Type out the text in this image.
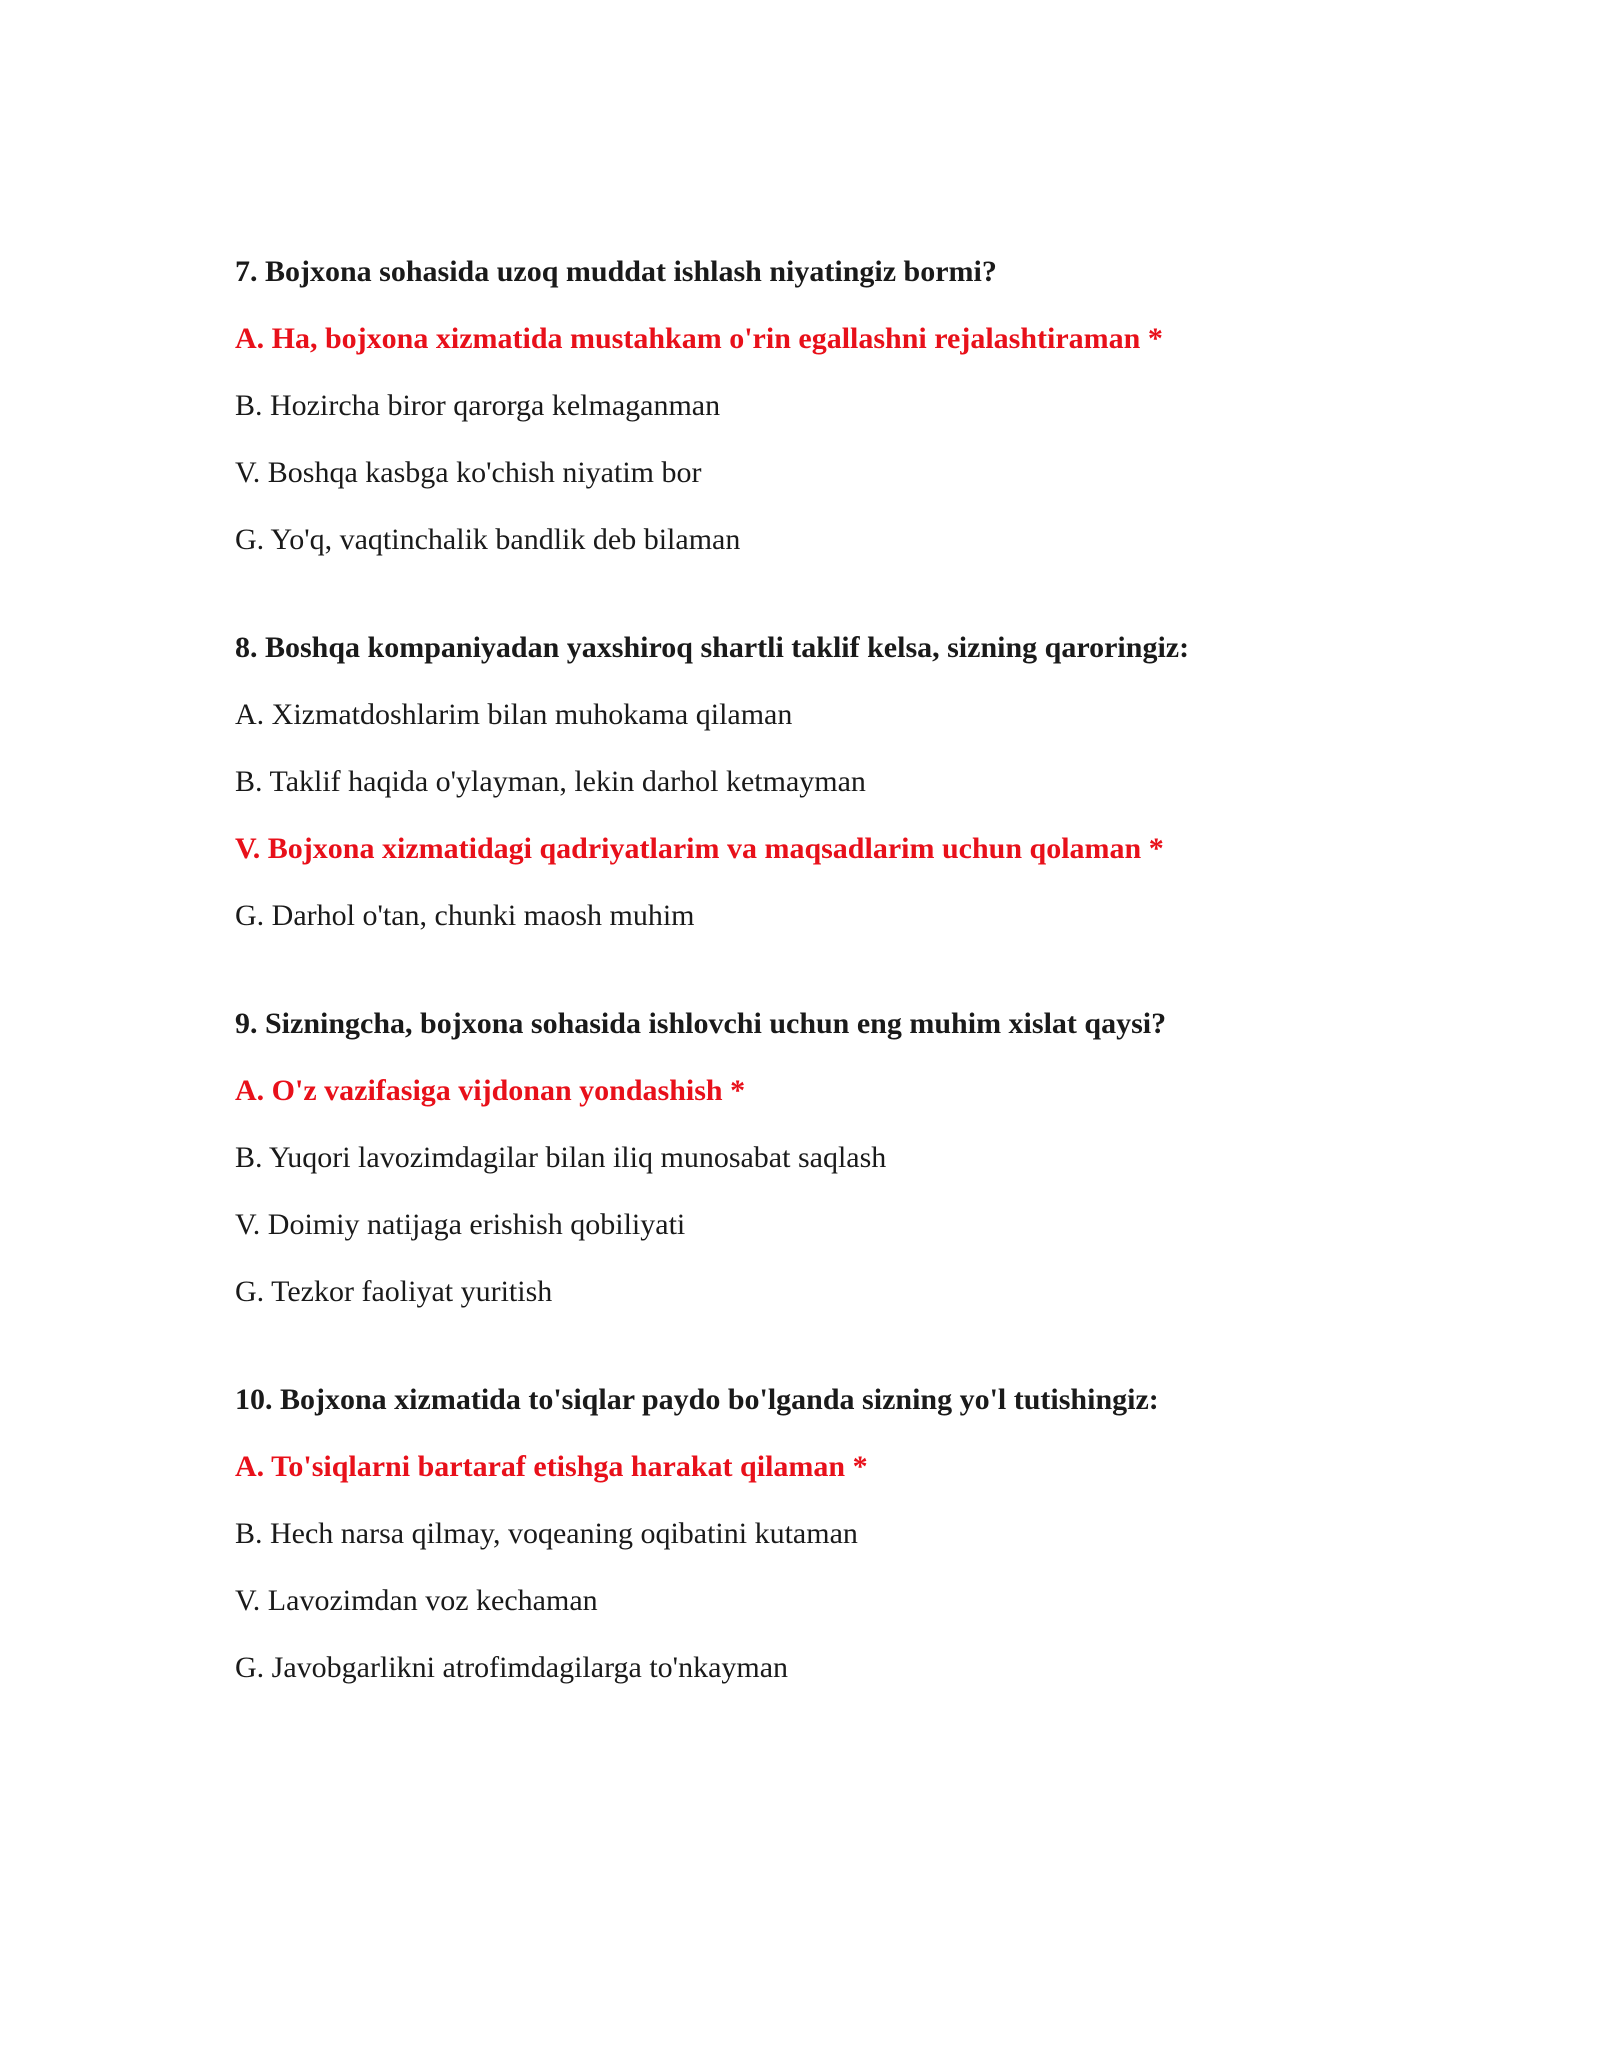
7. Bojxona sohasida uzoq muddat ishlash niyatingiz bormi?
A. Ha, bojxona xizmatida mustahkam o'rin egallashni rejalashtiraman *
B. Hozircha biror qarorga kelmaganman
V. Boshqa kasbga ko'chish niyatim bor
G. Yo'q, vaqtinchalik bandlik deb bilaman
8. Boshqa kompaniyadan yaxshiroq shartli taklif kelsa, sizning qaroringiz:
A. Xizmatdoshlarim bilan muhokama qilaman
B. Taklif haqida o'ylayman, lekin darhol ketmayman
V. Bojxona xizmatidagi qadriyatlarim va maqsadlarim uchun qolaman *
G. Darhol o'tan, chunki maosh muhim
9. Sizningcha, bojxona sohasida ishlovchi uchun eng muhim xislat qaysi?
A. O'z vazifasiga vijdonan yondashish *
B. Yuqori lavozimdagilar bilan iliq munosabat saqlash
V. Doimiy natijaga erishish qobiliyati
G. Tezkor faoliyat yuritish
10. Bojxona xizmatida to'siqlar paydo bo'lganda sizning yo'l tutishingiz:
A. To'siqlarni bartaraf etishga harakat qilaman *
B. Hech narsa qilmay, voqeaning oqibatini kutaman
V. Lavozimdan voz kechaman
G. Javobgarlikni atrofimdagilarga to'nkayman
